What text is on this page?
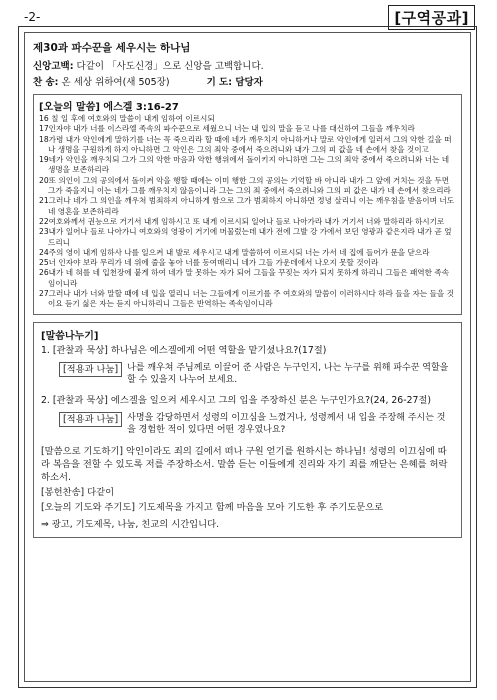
-2-	[구역공과]
제30과 파수꾼을 세우시는 하나님
신앙고백: 다같이 「사도신경」으로 신앙을 고백합니다.
찬 송: 온 세상 위하여(새 505장)	기 도: 담당자
[오늘의 말씀] 에스겔 3:16-27
16 칠 일 후에 여호와의 말씀이 내게 임하여 이르시되
17인자야 내가 너를 이스라엘 족속의 파수꾼으로 세웠으니 너는 내 입의 말을 듣고 나를 대신하여 그들을 깨우치라
18가령 내가 악인에게 말하기를 너는 꼭 죽으리라 할 때에 네가 깨우치지 아니하거나 말로 악인에게 일러서 그의 악한 길을 떠나 생명을 구원하게 하지 아니하면 그 악인은 그의 죄악 중에서 죽으려니와 내가 그의 피 값을 네 손에서 찾을 것이고
19네가 악인을 깨우치되 그가 그의 악한 마음과 악한 행위에서 돌이키지 아니하면 그는 그의 죄악 중에서 죽으려니와 너는 네 생명을 보존하리라
20또 의인이 그의 공의에서 돌이켜 악을 행할 때에는 이미 행한 그의 공의는 기억할 바 아니라 내가 그 앞에 거치는 것을 두면 그가 죽을지니 이는 네가 그를 깨우치지 않음이니라 그는 그의 죄 중에서 죽으려니와 그의 피 값은 내가 네 손에서 찾으리라
21그러나 네가 그 의인을 깨우쳐 범죄하지 아니하게 함으로 그가 범죄하지 아니하면 정녕 살리니 이는 깨우침을 받음이며 너도 네 영혼을 보존하리라
22여호와께서 권능으로 거기서 내게 임하시고 또 내게 이르시되 일어나 들로 나아가라 내가 거기서 너와 말하리라 하시기로
23내가 일어나 들로 나아가니 여호와의 영광이 거기에 머물렀는데 내가 전에 그발 강 가에서 보던 영광과 같은지라 내가 곧 엎드리니
24주의 영이 내게 임하사 나를 일으켜 내 발로 세우시고 내게 말씀하여 이르시되 너는 가서 네 집에 들어가 문을 닫으라
25너 인자야 보라 무리가 네 위에 줄을 놓아 너를 동여매리니 네가 그들 가운데에서 나오지 못할 것이라
26내가 네 혀를 네 입천장에 붙게 하여 네가 말 못하는 자가 되어 그들을 꾸짖는 자가 되지 못하게 하리니 그들은 패역한 족속임이니라
27그러나 내가 너와 말할 때에 네 입을 열리니 너는 그들에게 이르기를 주 여호와의 말씀이 이러하시다 하라 들을 자는 들을 것이요 듣기 싫은 자는 듣지 아니하리니 그들은 반역하는 족속임이니라
[말씀나누기]
1. [관찰과 묵상] 하나님은 에스겔에게 어떤 역할을 맡기셨나요?(17절)
[적용과 나눔]	나를 깨우쳐 주님께로 이끌어 준 사람은 누구인지, 나는 누구를 위해 파수꾼 역할을 할 수 있을지 나누어 보세요.
2. [관찰과 묵상] 에스겔을 일으켜 세우시고 그의 입을 주장하신 분은 누구인가요?(24, 26-27절)
[적용과 나눔]	사명을 감당하면서 성령의 이끄심을 느꼈거나, 성령께서 내 입을 주장해 주시는 것을 경험한 적이 있다면 어떤 경우였나요?
[말씀으로 기도하기] 악인이라도 죄의 길에서 떠나 구원 얻기를 원하시는 하나님! 성령의 이끄심에 따라 복음을 전할 수 있도록 저를 주장하소서. 말씀 듣는 이들에게 진리와 자기 죄를 깨닫는 은혜를 허락하소서.
[봉헌찬송] 다같이
[오늘의 기도와 주기도] 기도제목을 가지고 함께 마음을 모아 기도한 후 주기도문으로
⇒ 광고, 기도제목, 나눔, 친교의 시간입니다.
